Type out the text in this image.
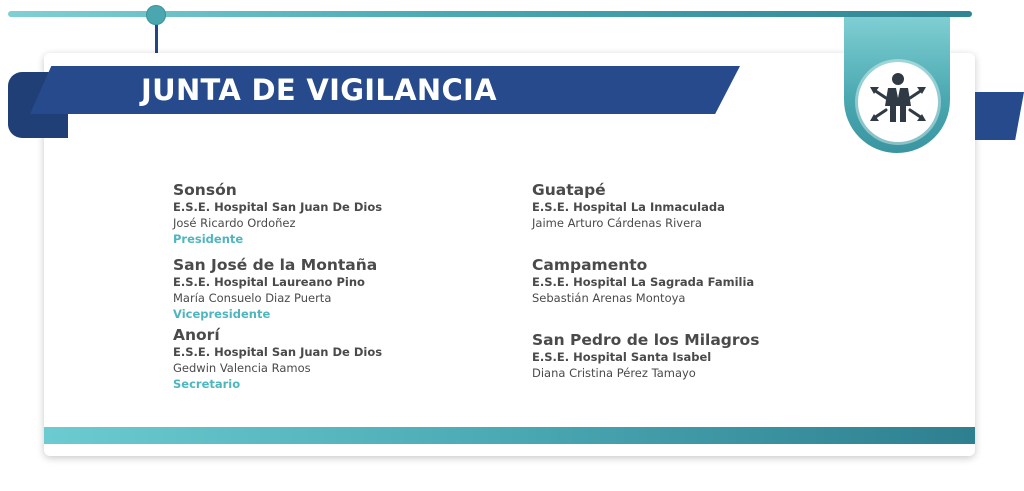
JUNTA DE VIGILANCIA

Sonsón

E.S.E. Hospital San Juan De Dios

José Ricardo Ordoñez

Presidente

San José de la Montaña

E.S.E. Hospital Laureano Pino

María Consuelo Diaz Puerta

Vicepresidente

Anorí

E.S.E. Hospital San Juan De Dios

Gedwin Valencia Ramos

Secretario

Guatapé

E.S.E. Hospital La Inmaculada

Jaime Arturo Cárdenas Rivera

Campamento

E.S.E. Hospital La Sagrada Familia

Sebastián Arenas Montoya

San Pedro de los Milagros

E.S.E. Hospital Santa Isabel

Diana Cristina Pérez Tamayo
